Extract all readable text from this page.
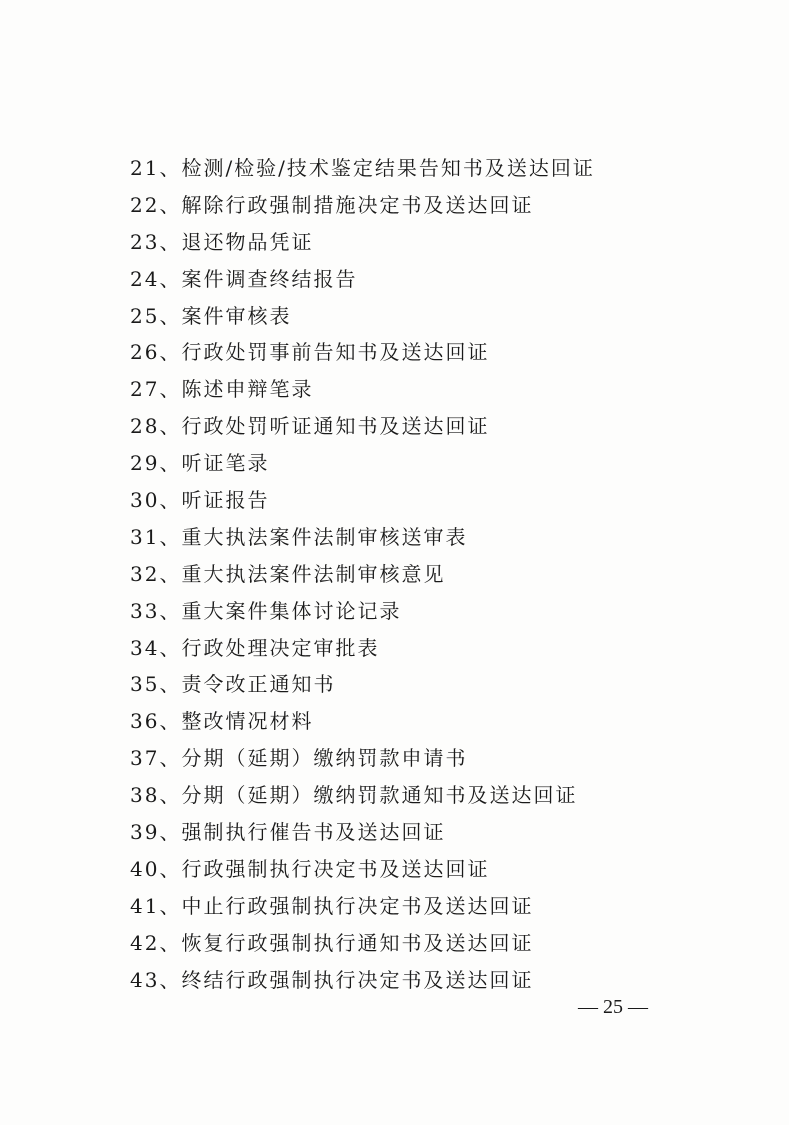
21、检测/检验/技术鉴定结果告知书及送达回证
22、解除行政强制措施决定书及送达回证
23、退还物品凭证
24、案件调查终结报告
25、案件审核表
26、行政处罚事前告知书及送达回证
27、陈述申辩笔录
28、行政处罚听证通知书及送达回证
29、听证笔录
30、听证报告
31、重大执法案件法制审核送审表
32、重大执法案件法制审核意见
33、重大案件集体讨论记录
34、行政处理决定审批表
35、责令改正通知书
36、整改情况材料
37、分期（延期）缴纳罚款申请书
38、分期（延期）缴纳罚款通知书及送达回证
39、强制执行催告书及送达回证
40、行政强制执行决定书及送达回证
41、中止行政强制执行决定书及送达回证
42、恢复行政强制执行通知书及送达回证
43、终结行政强制执行决定书及送达回证
— 25 —
